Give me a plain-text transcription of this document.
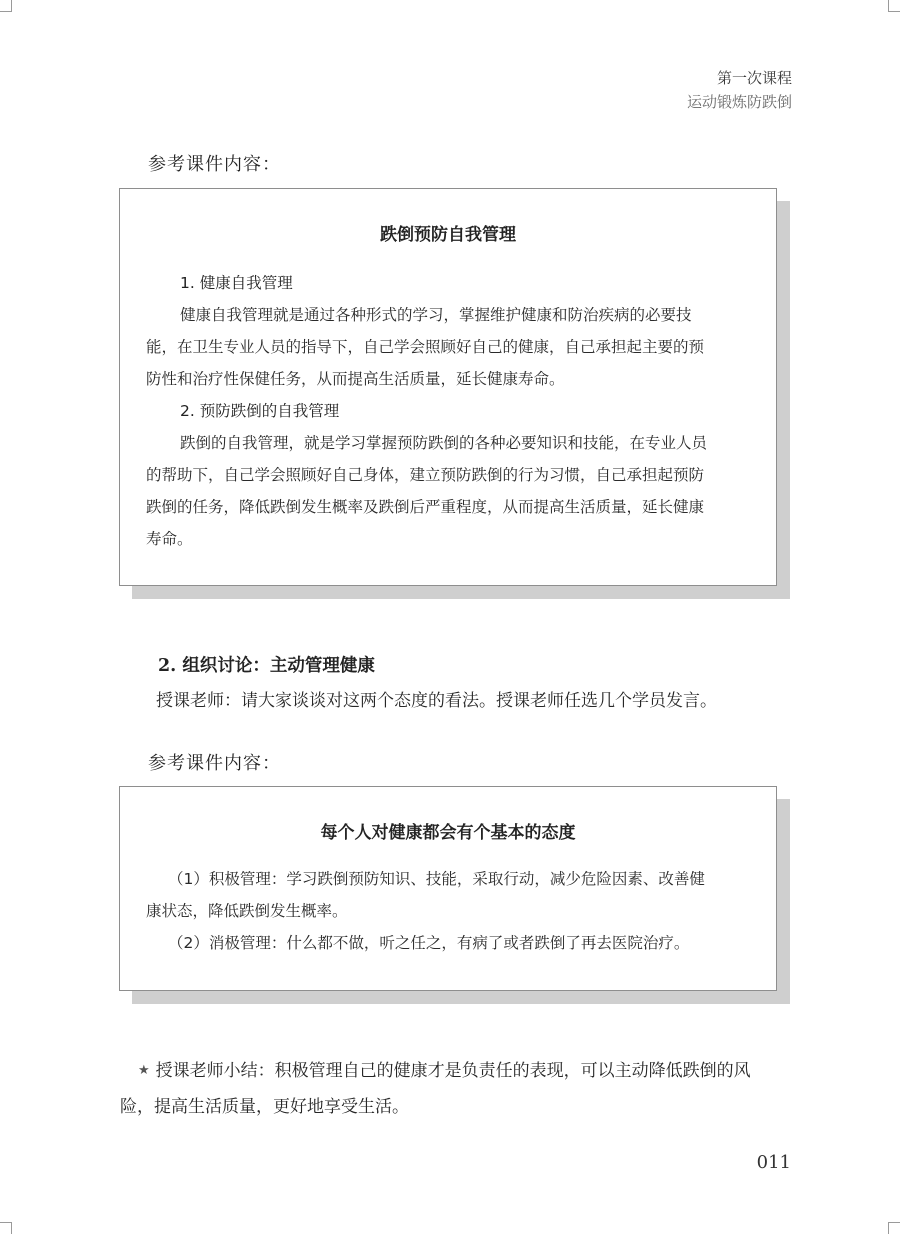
第一次课程
运动锻炼防跌倒
参考课件内容：
跌倒预防自我管理
1. 健康自我管理
健康自我管理就是通过各种形式的学习，掌握维护健康和防治疾病的必要技
能，在卫生专业人员的指导下，自己学会照顾好自己的健康，自己承担起主要的预
防性和治疗性保健任务，从而提高生活质量，延长健康寿命。
2. 预防跌倒的自我管理
跌倒的自我管理，就是学习掌握预防跌倒的各种必要知识和技能，在专业人员
的帮助下，自己学会照顾好自己身体，建立预防跌倒的行为习惯，自己承担起预防
跌倒的任务，降低跌倒发生概率及跌倒后严重程度，从而提高生活质量，延长健康
寿命。
2. 组织讨论：主动管理健康
授课老师：请大家谈谈对这两个态度的看法。授课老师任选几个学员发言。
参考课件内容：
每个人对健康都会有个基本的态度
（1）积极管理：学习跌倒预防知识、技能，采取行动，减少危险因素、改善健
康状态，降低跌倒发生概率。
（2）消极管理：什么都不做，听之任之，有病了或者跌倒了再去医院治疗。
★ 授课老师小结：积极管理自己的健康才是负责任的表现，可以主动降低跌倒的风
险，提高生活质量，更好地享受生活。
011
